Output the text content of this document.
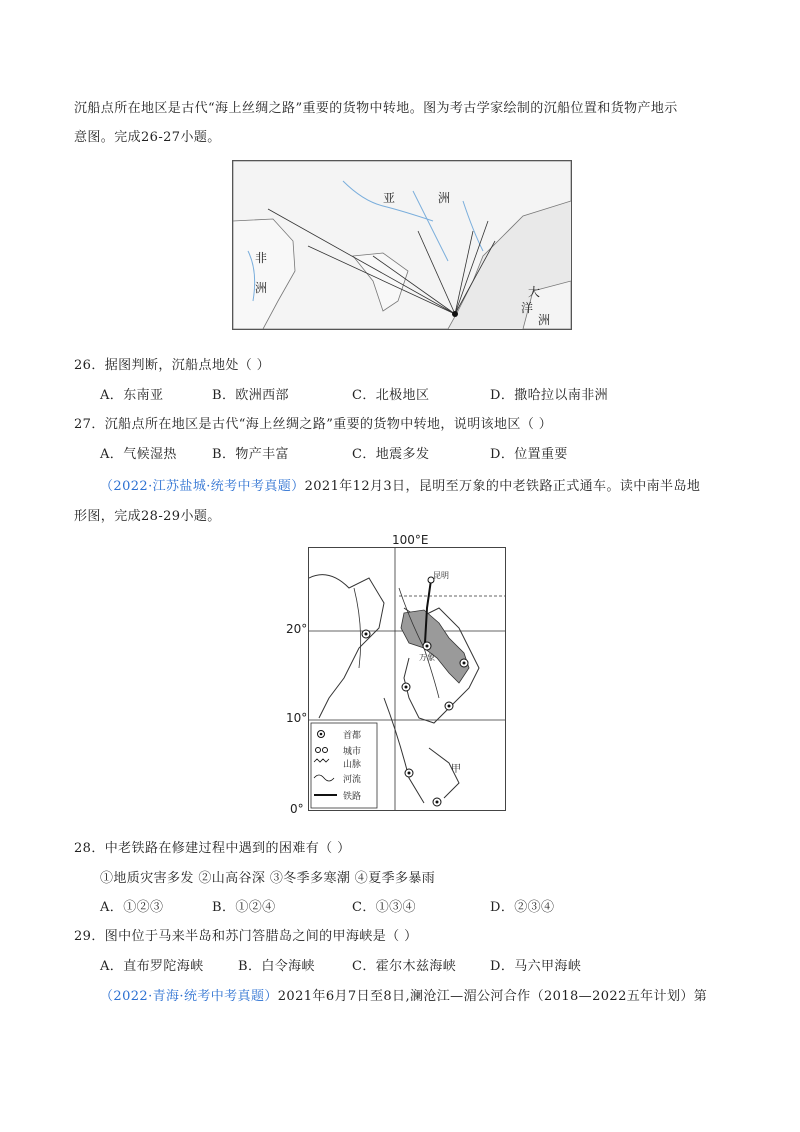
沉船点所在地区是古代“海上丝绸之路”重要的货物中转地。图为考古学家绘制的沉船位置和货物产地示
意图。完成26-27小题。
亚	洲
非
洲	大
洋
洲
26．据图判断，沉船点地处（ ）
A．东南亚	B．欧洲西部	C．北极地区	D．撒哈拉以南非洲
27．沉船点所在地区是古代“海上丝绸之路”重要的货物中转地，说明该地区（ ）
A．气候湿热	B．物产丰富	C．地震多发	D．位置重要
（2022·江苏盐城·统考中考真题）2021年12月3日，昆明至万象的中老铁路正式通车。读中南半岛地
形图，完成28-29小题。
100°E
20°
10°
0°
昆明
万象
甲
首都
城市
山脉
河流
铁路
28．中老铁路在修建过程中遇到的困难有（ ）
①地质灾害多发 ②山高谷深 ③冬季多寒潮 ④夏季多暴雨
A．①②③	B．①②④	C．①③④	D．②③④
29．图中位于马来半岛和苏门答腊岛之间的甲海峡是（ ）
A．直布罗陀海峡	B．白令海峡	C．霍尔木兹海峡	D．马六甲海峡
（2022·青海·统考中考真题）2021年6月7日至8日,澜沧江—湄公河合作（2018—2022五年计划）第
